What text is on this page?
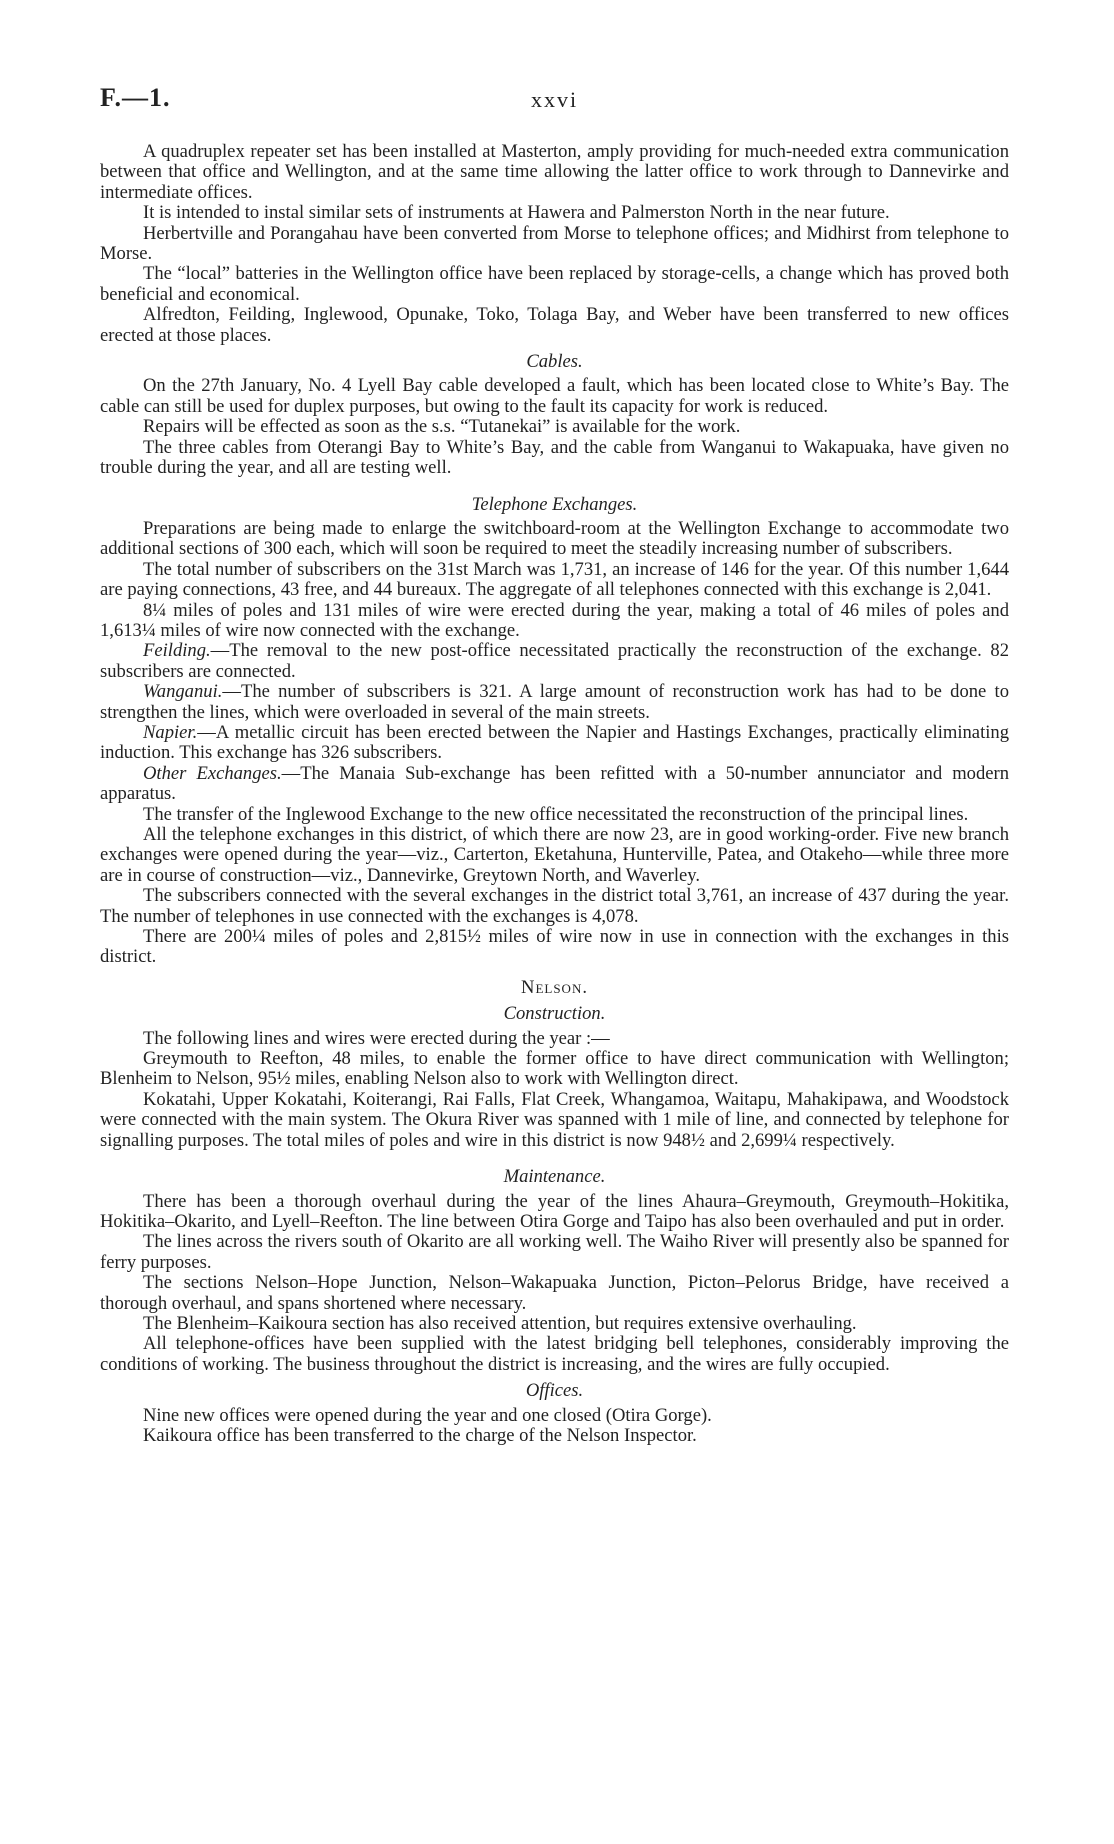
F.—1.	xxvi

A quadruplex repeater set has been installed at Masterton, amply providing for much-needed extra communication between that office and Wellington, and at the same time allowing the latter office to work through to Dannevirke and intermediate offices.

It is intended to instal similar sets of instruments at Hawera and Palmerston North in the near future.

Herbertville and Porangahau have been converted from Morse to telephone offices; and Midhirst from telephone to Morse.

The “local” batteries in the Wellington office have been replaced by storage-cells, a change which has proved both beneficial and economical.

Alfredton, Feilding, Inglewood, Opunake, Toko, Tolaga Bay, and Weber have been transferred to new offices erected at those places.

Cables.

On the 27th January, No. 4 Lyell Bay cable developed a fault, which has been located close to White’s Bay. The cable can still be used for duplex purposes, but owing to the fault its capacity for work is reduced.

Repairs will be effected as soon as the s.s. “Tutanekai” is available for the work.

The three cables from Oterangi Bay to White’s Bay, and the cable from Wanganui to Wakapuaka, have given no trouble during the year, and all are testing well.

Telephone Exchanges.

Preparations are being made to enlarge the switchboard-room at the Wellington Exchange to accommodate two additional sections of 300 each, which will soon be required to meet the steadily increasing number of subscribers.

The total number of subscribers on the 31st March was 1,731, an increase of 146 for the year. Of this number 1,644 are paying connections, 43 free, and 44 bureaux. The aggregate of all telephones connected with this exchange is 2,041.

8¼ miles of poles and 131 miles of wire were erected during the year, making a total of 46 miles of poles and 1,613¼ miles of wire now connected with the exchange.

Feilding.—The removal to the new post-office necessitated practically the reconstruction of the exchange. 82 subscribers are connected.

Wanganui.—The number of subscribers is 321. A large amount of reconstruction work has had to be done to strengthen the lines, which were overloaded in several of the main streets.

Napier.—A metallic circuit has been erected between the Napier and Hastings Exchanges, practically eliminating induction. This exchange has 326 subscribers.

Other Exchanges.—The Manaia Sub-exchange has been refitted with a 50-number annunciator and modern apparatus.

The transfer of the Inglewood Exchange to the new office necessitated the reconstruction of the principal lines.

All the telephone exchanges in this district, of which there are now 23, are in good working-order. Five new branch exchanges were opened during the year—viz., Carterton, Eketahuna, Hunterville, Patea, and Otakeho—while three more are in course of construction—viz., Dannevirke, Greytown North, and Waverley.

The subscribers connected with the several exchanges in the district total 3,761, an increase of 437 during the year. The number of telephones in use connected with the exchanges is 4,078.

There are 200¼ miles of poles and 2,815½ miles of wire now in use in connection with the exchanges in this district.

Nelson.
Construction.

The following lines and wires were erected during the year :—

Greymouth to Reefton, 48 miles, to enable the former office to have direct communication with Wellington; Blenheim to Nelson, 95½ miles, enabling Nelson also to work with Wellington direct.

Kokatahi, Upper Kokatahi, Koiterangi, Rai Falls, Flat Creek, Whangamoa, Waitapu, Mahakipawa, and Woodstock were connected with the main system. The Okura River was spanned with 1 mile of line, and connected by telephone for signalling purposes. The total miles of poles and wire in this district is now 948½ and 2,699¼ respectively.

Maintenance.

There has been a thorough overhaul during the year of the lines Ahaura–Greymouth, Greymouth–Hokitika, Hokitika–Okarito, and Lyell–Reefton. The line between Otira Gorge and Taipo has also been overhauled and put in order.

The lines across the rivers south of Okarito are all working well. The Waiho River will presently also be spanned for ferry purposes.

The sections Nelson–Hope Junction, Nelson–Wakapuaka Junction, Picton–Pelorus Bridge, have received a thorough overhaul, and spans shortened where necessary.

The Blenheim–Kaikoura section has also received attention, but requires extensive overhauling.

All telephone-offices have been supplied with the latest bridging bell telephones, considerably improving the conditions of working. The business throughout the district is increasing, and the wires are fully occupied.

Offices.

Nine new offices were opened during the year and one closed (Otira Gorge).

Kaikoura office has been transferred to the charge of the Nelson Inspector.
